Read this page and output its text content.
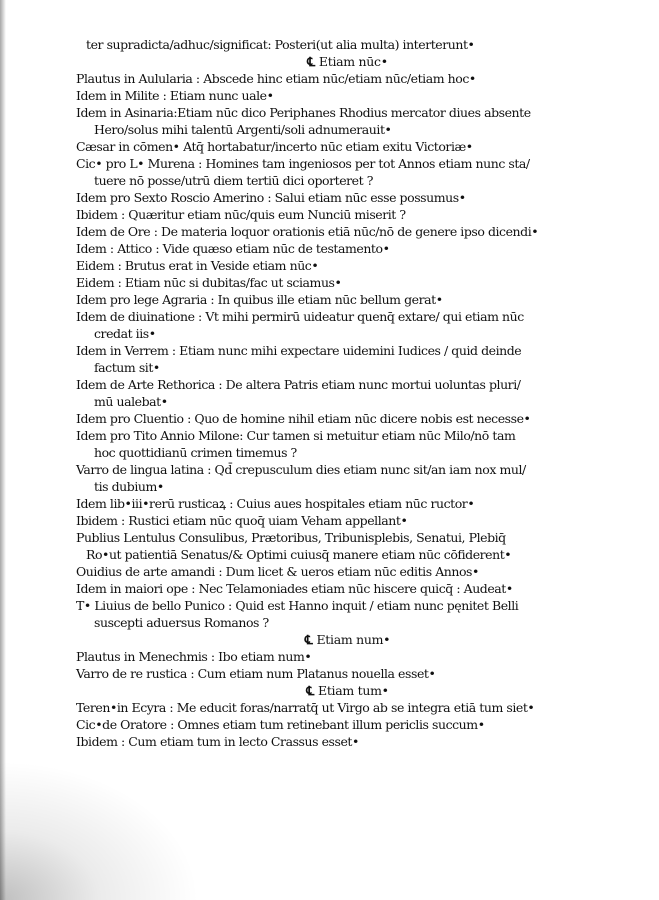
ter supradicta/adhuc/significat: Posteri(ut alia multa) interterunt•
℄ Etiam nūc•
Plautus in Aulularia : Abscede hinc etiam nūc/etiam nūc/etiam hoc•
Idem in Milite : Etiam nunc uale•
Idem in Asinaria:Etiam nūc dico Periphanes Rhodius mercator diues absente
Hero/solus mihi talentū Argenti/soli adnumerauit•
Cæsar in cōmen• Atq̄ hortabatur/incerto nūc etiam exitu Victoriæ•
Cic• pro L• Murena : Homines tam ingeniosos per tot Annos etiam nunc sta/
tuere nō posse/utrū diem tertiū dici oporteret ?
Idem pro Sexto Roscio Amerino : Salui etiam nūc esse possumus•
Ibidem : Quæritur etiam nūc/quis eum Nunciū miserit ?
Idem de Ore : De materia loquor orationis etiā nūc/nō de genere ipso dicendi•
Idem : Attico : Vide quæso etiam nūc de testamento•
Eidem : Brutus erat in Veside etiam nūc•
Eidem : Etiam nūc si dubitas/fac ut sciamus•
Idem pro lege Agraria : In quibus ille etiam nūc bellum gerat•
Idem de diuinatione : Vt mihi permirū uideatur quenq̄ extare/ qui etiam nūc
credat iis•
Idem in Verrem : Etiam nunc mihi expectare uidemini Iudices / quid deinde
factum sit•
Idem de Arte Rethorica : De altera Patris etiam nunc mortui uoluntas pluri/
mū ualebat•
Idem pro Cluentio : Quo de homine nihil etiam nūc dicere nobis est necesse•
Idem pro Tito Annio Milone: Cur tamen si metuitur etiam nūc Milo/nō tam
hoc quottidianū crimen timemus ?
Varro de lingua latina : Qd̄ crepusculum dies etiam nunc sit/an iam nox mul/
tis dubium•
Idem lib•iii•rerū rusticaꝝ : Cuius aues hospitales etiam nūc ructor•
Ibidem : Rustici etiam nūc quoq̄ uiam Veham appellant•
Publius Lentulus Consulibus, Prætoribus, Tribunisplebis, Senatui, Plebiq̄
Ro•ut patientiā Senatus/& Optimi cuiusq̄ manere etiam nūc cōfiderent•
Ouidius de arte amandi : Dum licet & ueros etiam nūc editis Annos•
Idem in maiori ope : Nec Telamoniades etiam nūc hiscere quicq̄ : Audeat•
T• Liuius de bello Punico : Quid est Hanno inquit / etiam nunc pęnitet Belli
suscepti aduersus Romanos ?
℄ Etiam num•
Plautus in Menechmis : Ibo etiam num•
Varro de re rustica : Cum etiam num Platanus nouella esset•
℄ Etiam tum•
Teren•in Ecyra : Me educit foras/narratq̄ ut Virgo ab se integra etiā tum siet•
Cic•de Oratore : Omnes etiam tum retinebant illum periclis succum•
Ibidem : Cum etiam tum in lecto Crassus esset•
